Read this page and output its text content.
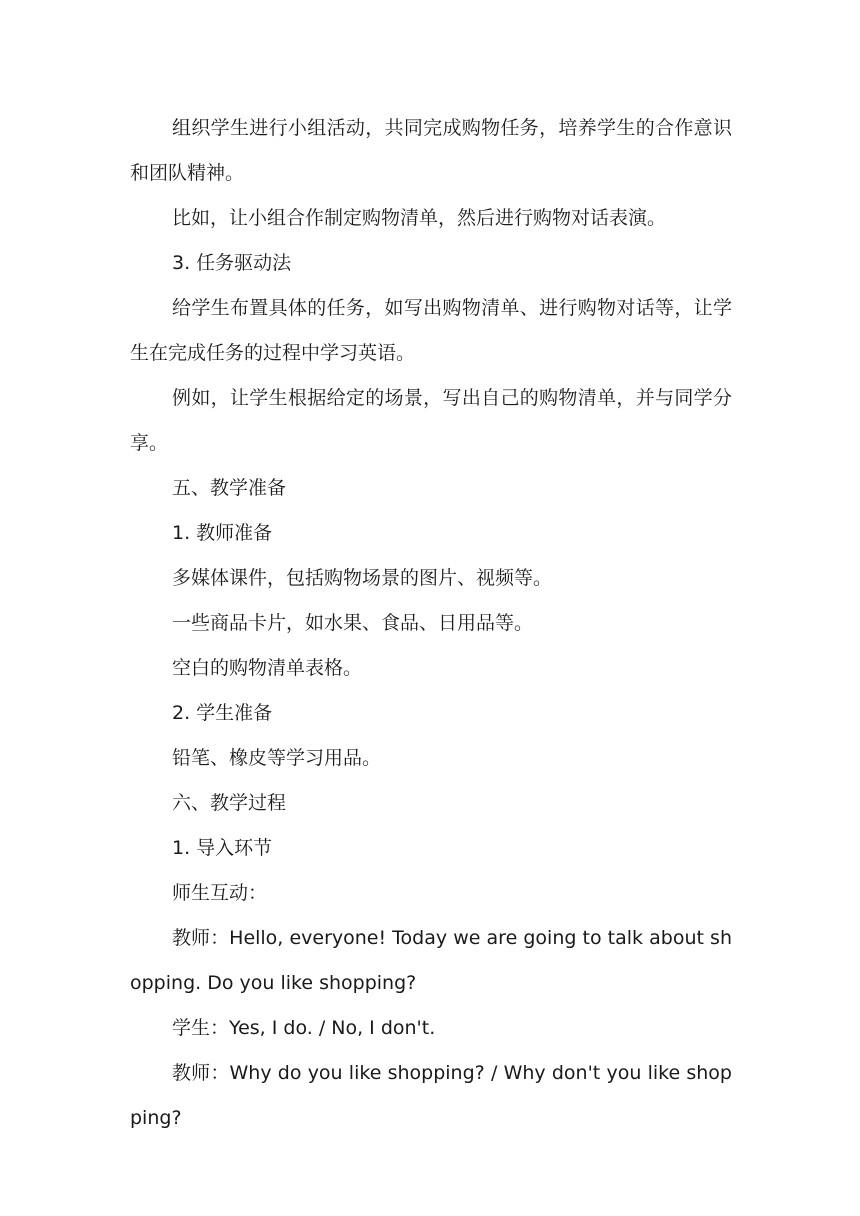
组织学生进行小组活动，共同完成购物任务，培养学生的合作意识和团队精神。

比如，让小组合作制定购物清单，然后进行购物对话表演。

3. 任务驱动法

给学生布置具体的任务，如写出购物清单、进行购物对话等，让学生在完成任务的过程中学习英语。

例如，让学生根据给定的场景，写出自己的购物清单，并与同学分享。

五、教学准备

1. 教师准备

多媒体课件，包括购物场景的图片、视频等。

一些商品卡片，如水果、食品、日用品等。

空白的购物清单表格。

2. 学生准备

铅笔、橡皮等学习用品。

六、教学过程

1. 导入环节

师生互动：

教师：Hello, everyone! Today we are going to talk about shopping. Do you like shopping?

学生：Yes, I do. / No, I don't.

教师：Why do you like shopping? / Why don't you like shopping?
